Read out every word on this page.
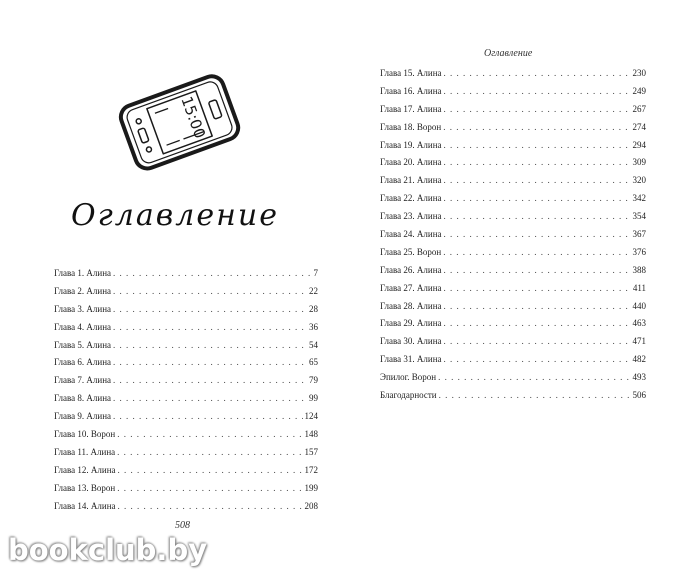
15:00
Оглавление
Глава 1. Алина . . .	7
Глава 2. Алина . . .	22
Глава 3. Алина . . .	28
Глава 4. Алина . . .	36
Глава 5. Алина . . .	54
Глава 6. Алина . . .	65
Глава 7. Алина . . .	79
Глава 8. Алина . . .	99
Глава 9. Алина . . .	124
Глава 10. Ворон . . .	148
Глава 11. Алина . . .	157
Глава 12. Алина . . .	172
Глава 13. Ворон . . .	199
Глава 14. Алина . . .	208
508
bookclub.by
Оглавление
Глава 15. Алина . . .	230
Глава 16. Алина . . .	249
Глава 17. Алина . . .	267
Глава 18. Ворон . . .	274
Глава 19. Алина . . .	294
Глава 20. Алина . . .	309
Глава 21. Алина . . .	320
Глава 22. Алина . . .	342
Глава 23. Алина . . .	354
Глава 24. Алина . . .	367
Глава 25. Ворон . . .	376
Глава 26. Алина . . .	388
Глава 27. Алина . . .	411
Глава 28. Алина . . .	440
Глава 29. Алина . . .	463
Глава 30. Алина . . .	471
Глава 31. Алина . . .	482
Эпилог. Ворон . . .	493
Благодарности . . .	506
